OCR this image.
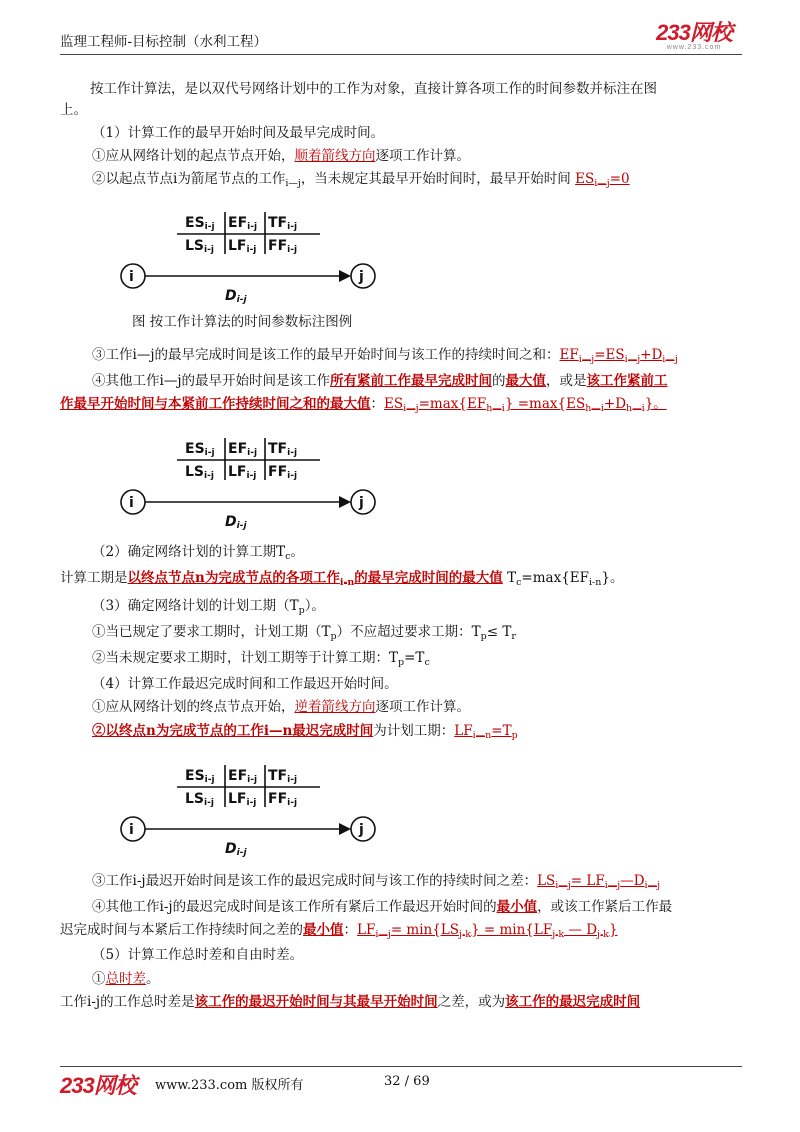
监理工程师-目标控制（水利工程）	233网校
www.233.com
按工作计算法，是以双代号网络计划中的工作为对象，直接计算各项工作的时间参数并标注在图
上。
（1）计算工作的最早开始时间及最早完成时间。
①应从网络计划的起点节点开始，顺着箭线方向逐项工作计算。
②以起点节点i为箭尾节点的工作$_{i—j}$，当未规定其最早开始时间时，最早开始时间 $ES_{i—j}=0$
ESi-j EFi-j TFi-j
LSi-j LFi-j FFi-j
i	j
Di-j
图 按工作计算法的时间参数标注图例
③工作i—j的最早完成时间是该工作的最早开始时间与该工作的持续时间之和：$EF_{i—j}=ES_{i—j}+D_{i—j}$
④其他工作i—j的最早开始时间是该工作所有紧前工作最早完成时间的最大值，或是该工作紧前工
作最早开始时间与本紧前工作持续时间之和的最大值：$ES_{i—j}=\max\{EF_{h—i}\} =\max\{ES_{h—i}+D_{h—i}\}$。
ESi-j EFi-j TFi-j
LSi-j LFi-j FFi-j
i	j
Di-j
（2）确定网络计划的计算工期$T_c$。
计算工期是以终点节点n为完成节点的各项工作$_{i-n}$的最早完成时间的最大值 $T_c=\max\{EF_{i-n}\}$。
（3）确定网络计划的计划工期$(T_p)$。
①当已规定了要求工期时，计划工期$(T_p)$不应超过要求工期：$T_p\le T_r$
②当未规定要求工期时，计划工期等于计算工期：$T_p=T_c$
（4）计算工作最迟完成时间和工作最迟开始时间。
①应从网络计划的终点节点开始，逆着箭线方向逐项工作计算。
②以终点n为完成节点的工作i—n最迟完成时间为计划工期：$LF_{i—n}=T_p$
ESi-j EFi-j TFi-j
LSi-j LFi-j FFi-j
i	j
Di-j
③工作i-j最迟开始时间是该工作的最迟完成时间与该工作的持续时间之差：$LS_{i—j}=$ $LF_{i—j}—D_{i—j}$
④其他工作i-j的最迟完成时间是该工作所有紧后工作最迟开始时间的最小值，或该工作紧后工作最
迟完成时间与本紧后工作持续时间之差的最小值：$LF_{i—j}= \min\{LS_{j-k}\} = \min\{LF_{j-k}$ — $D_{j-k}$}
（5）计算工作总时差和自由时差。
①总时差。
工作i-j的工作总时差是该工作的最迟开始时间与其最早开始时间之差，或为该工作的最迟完成时间
233网校 www.233.com 版权所有	32 / 69
